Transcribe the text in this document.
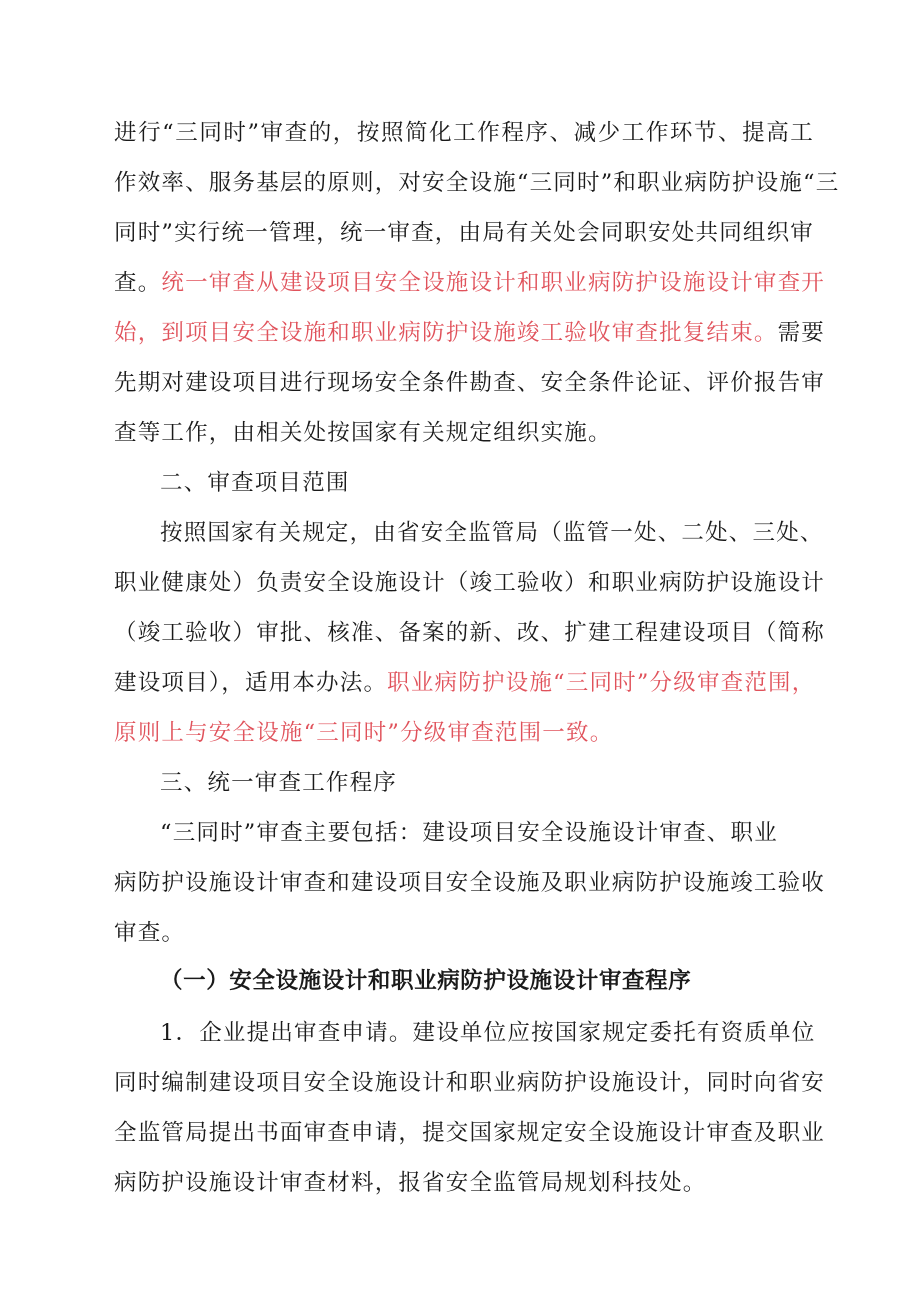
进行“三同时”审查的，按照简化工作程序、减少工作环节、提高工
作效率、服务基层的原则，对安全设施“三同时”和职业病防护设施“三
同时”实行统一管理，统一审查，由局有关处会同职安处共同组织审
查。统一审查从建设项目安全设施设计和职业病防护设施设计审查开
始，到项目安全设施和职业病防护设施竣工验收审查批复结束。需要
先期对建设项目进行现场安全条件勘查、安全条件论证、评价报告审
查等工作，由相关处按国家有关规定组织实施。
二、审查项目范围
按照国家有关规定，由省安全监管局（监管一处、二处、三处、
职业健康处）负责安全设施设计（竣工验收）和职业病防护设施设计
（竣工验收）审批、核准、备案的新、改、扩建工程建设项目（简称
建设项目），适用本办法。职业病防护设施“三同时”分级审查范围，
原则上与安全设施“三同时”分级审查范围一致。
三、统一审查工作程序
“三同时”审查主要包括：建设项目安全设施设计审查、职业
病防护设施设计审查和建设项目安全设施及职业病防护设施竣工验收
审查。
（一）安全设施设计和职业病防护设施设计审查程序
1．企业提出审查申请。建设单位应按国家规定委托有资质单位
同时编制建设项目安全设施设计和职业病防护设施设计，同时向省安
全监管局提出书面审查申请，提交国家规定安全设施设计审查及职业
病防护设施设计审查材料，报省安全监管局规划科技处。
